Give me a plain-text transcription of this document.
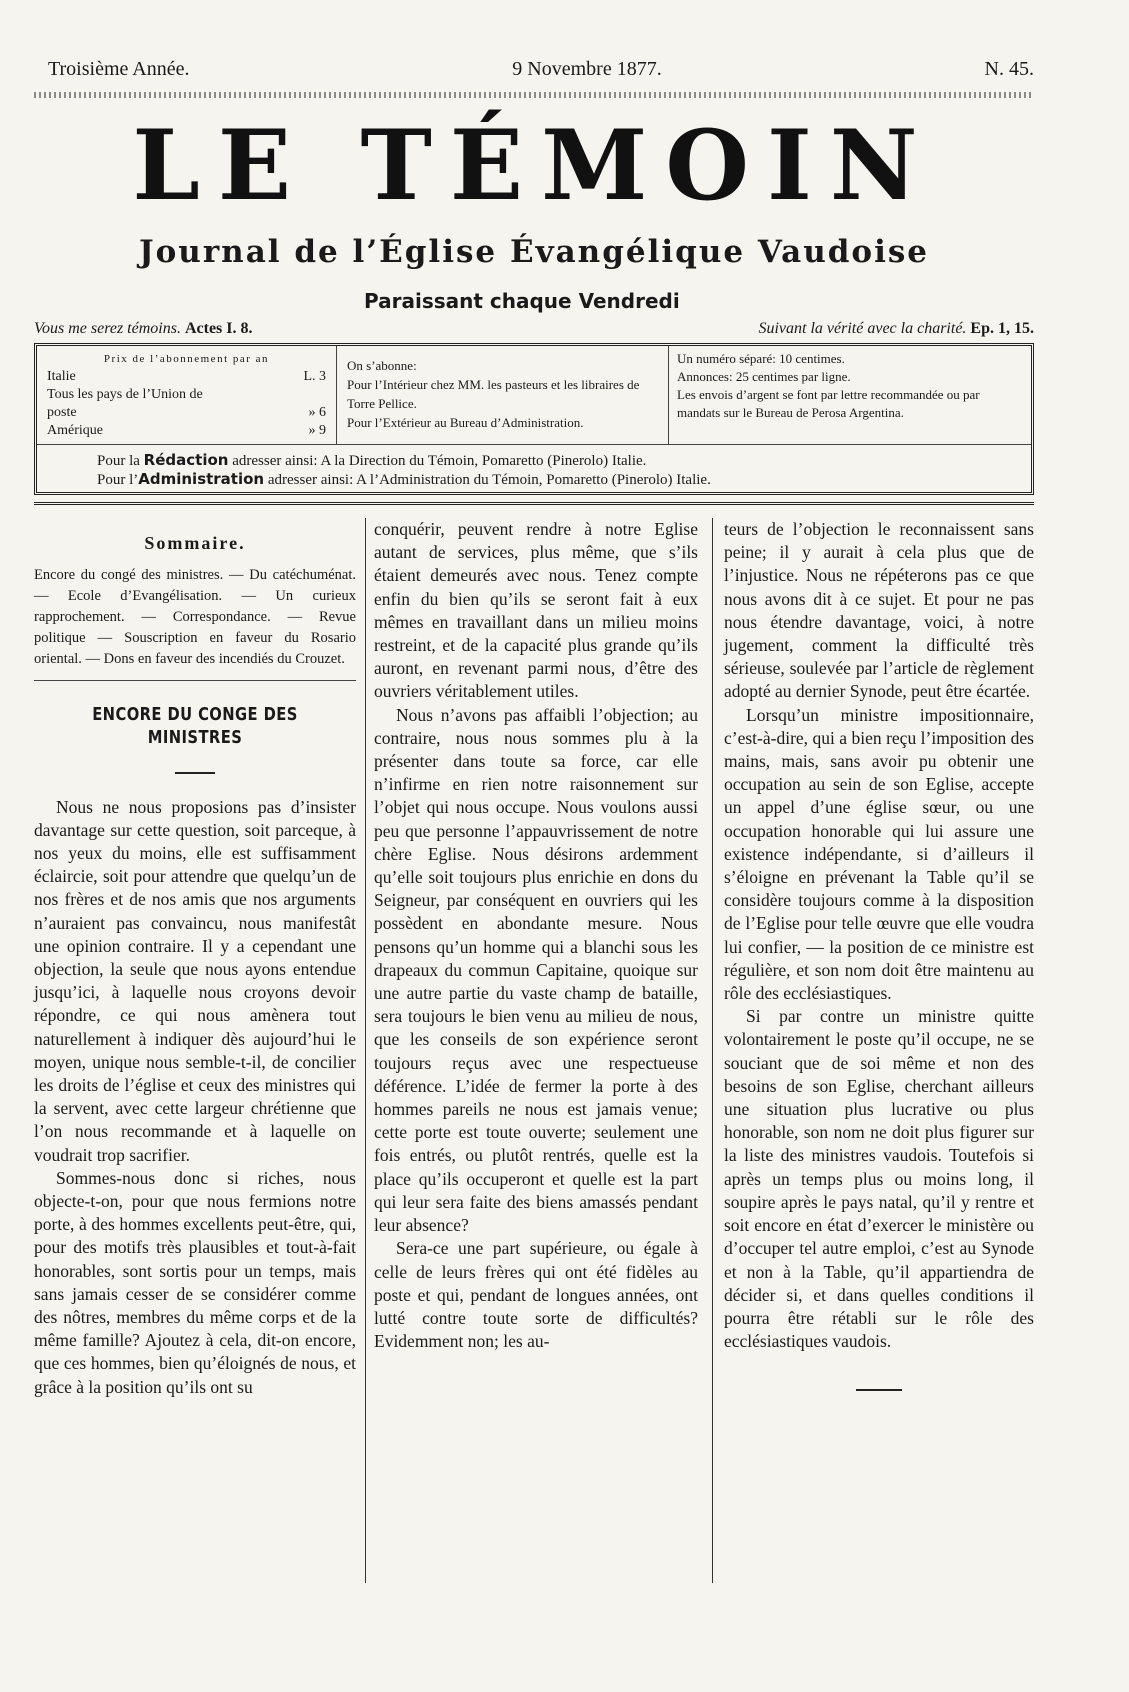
Troisième Année.	9 Novembre 1877.	N. 45.
LE TÉMOIN
Journal de l’Église Évangélique Vaudoise
Paraissant chaque Vendredi
Vous me serez témoins. Actes I. 8.	Suivant la vérité avec la charité. Ep. 1, 15.
Prix de l’abonnement par an
Italie	L. 3
Tous les pays de l’Union de
poste	» 6
Amérique	» 9
On s’abonne:
Pour l’Intérieur chez MM. les pasteurs et les libraires de Torre Pellice.
Pour l’Extérieur au Bureau d’Administration.
Un numéro séparé: 10 centimes.
Annonces: 25 centimes par ligne.
Les envois d’argent se font par lettre recommandée ou par mandats sur le Bureau de Perosa Argentina.
Pour la Rédaction adresser ainsi: A la Direction du Témoin, Pomaretto (Pinerolo) Italie.
Pour l’Administration adresser ainsi: A l’Administration du Témoin, Pomaretto (Pinerolo) Italie.
Sommaire.
Encore du congé des ministres. — Du catéchuménat. — Ecole d’Evangélisation. — Un curieux rapprochement. — Correspondance. — Revue politique — Souscription en faveur du Rosario oriental. — Dons en faveur des incendiés du Crouzet.
ENCORE DU CONGE DES MINISTRES

Nous ne nous proposions pas d’insister davantage sur cette question, soit parceque, à nos yeux du moins, elle est suffisamment éclaircie, soit pour attendre que quelqu’un de nos frères et de nos amis que nos arguments n’auraient pas convaincu, nous manifestât une opinion contraire. Il y a cependant une objection, la seule que nous ayons entendue jusqu’ici, à laquelle nous croyons devoir répondre, ce qui nous amènera tout naturellement à indiquer dès aujourd’hui le moyen, unique nous semble-t-il, de concilier les droits de l’église et ceux des ministres qui la servent, avec cette largeur chrétienne que l’on nous recommande et à laquelle on voudrait trop sacrifier.

Sommes-nous donc si riches, nous objecte-t-on, pour que nous fermions notre porte, à des hommes excellents peut-être, qui, pour des motifs très plausibles et tout-à-fait honorables, sont sortis pour un temps, mais sans jamais cesser de se considérer comme des nôtres, membres du même corps et de la même famille? Ajoutez à cela, dit-on encore, que ces hommes, bien qu’éloignés de nous, et grâce à la position qu’ils ont su

conquérir, peuvent rendre à notre Eglise autant de services, plus même, que s’ils étaient demeurés avec nous. Tenez compte enfin du bien qu’ils se seront fait à eux mêmes en travaillant dans un milieu moins restreint, et de la capacité plus grande qu’ils auront, en revenant parmi nous, d’être des ouvriers véritablement utiles.

Nous n’avons pas affaibli l’objection; au contraire, nous nous sommes plu à la présenter dans toute sa force, car elle n’infirme en rien notre raisonnement sur l’objet qui nous occupe. Nous voulons aussi peu que personne l’appauvrissement de notre chère Eglise. Nous désirons ardemment qu’elle soit toujours plus enrichie en dons du Seigneur, par conséquent en ouvriers qui les possèdent en abondante mesure. Nous pensons qu’un homme qui a blanchi sous les drapeaux du commun Capitaine, quoique sur une autre partie du vaste champ de bataille, sera toujours le bien venu au milieu de nous, que les conseils de son expérience seront toujours reçus avec une respectueuse déférence. L’idée de fermer la porte à des hommes pareils ne nous est jamais venue; cette porte est toute ouverte; seulement une fois entrés, ou plutôt rentrés, quelle est la place qu’ils occuperont et quelle est la part qui leur sera faite des biens amassés pendant leur absence?

Sera-ce une part supérieure, ou égale à celle de leurs frères qui ont été fidèles au poste et qui, pendant de longues années, ont lutté contre toute sorte de difficultés? Evidemment non; les au-

teurs de l’objection le reconnaissent sans peine; il y aurait à cela plus que de l’injustice. Nous ne répéterons pas ce que nous avons dit à ce sujet. Et pour ne pas nous étendre davantage, voici, à notre jugement, comment la difficulté très sérieuse, soulevée par l’article de règlement adopté au dernier Synode, peut être écartée.

Lorsqu’un ministre impositionnaire, c’est-à-dire, qui a bien reçu l’imposition des mains, mais, sans avoir pu obtenir une occupation au sein de son Eglise, accepte un appel d’une église sœur, ou une occupation honorable qui lui assure une existence indépendante, si d’ailleurs il s’éloigne en prévenant la Table qu’il se considère toujours comme à la disposition de l’Eglise pour telle œuvre que elle voudra lui confier, — la position de ce ministre est régulière, et son nom doit être maintenu au rôle des ecclésiastiques.

Si par contre un ministre quitte volontairement le poste qu’il occupe, ne se souciant que de soi même et non des besoins de son Eglise, cherchant ailleurs une situation plus lucrative ou plus honorable, son nom ne doit plus figurer sur la liste des ministres vaudois. Toutefois si après un temps plus ou moins long, il soupire après le pays natal, qu’il y rentre et soit encore en état d’exercer le ministère ou d’occuper tel autre emploi, c’est au Synode et non à la Table, qu’il appartiendra de décider si, et dans quelles conditions il pourra être rétabli sur le rôle des ecclésiastiques vaudois.
